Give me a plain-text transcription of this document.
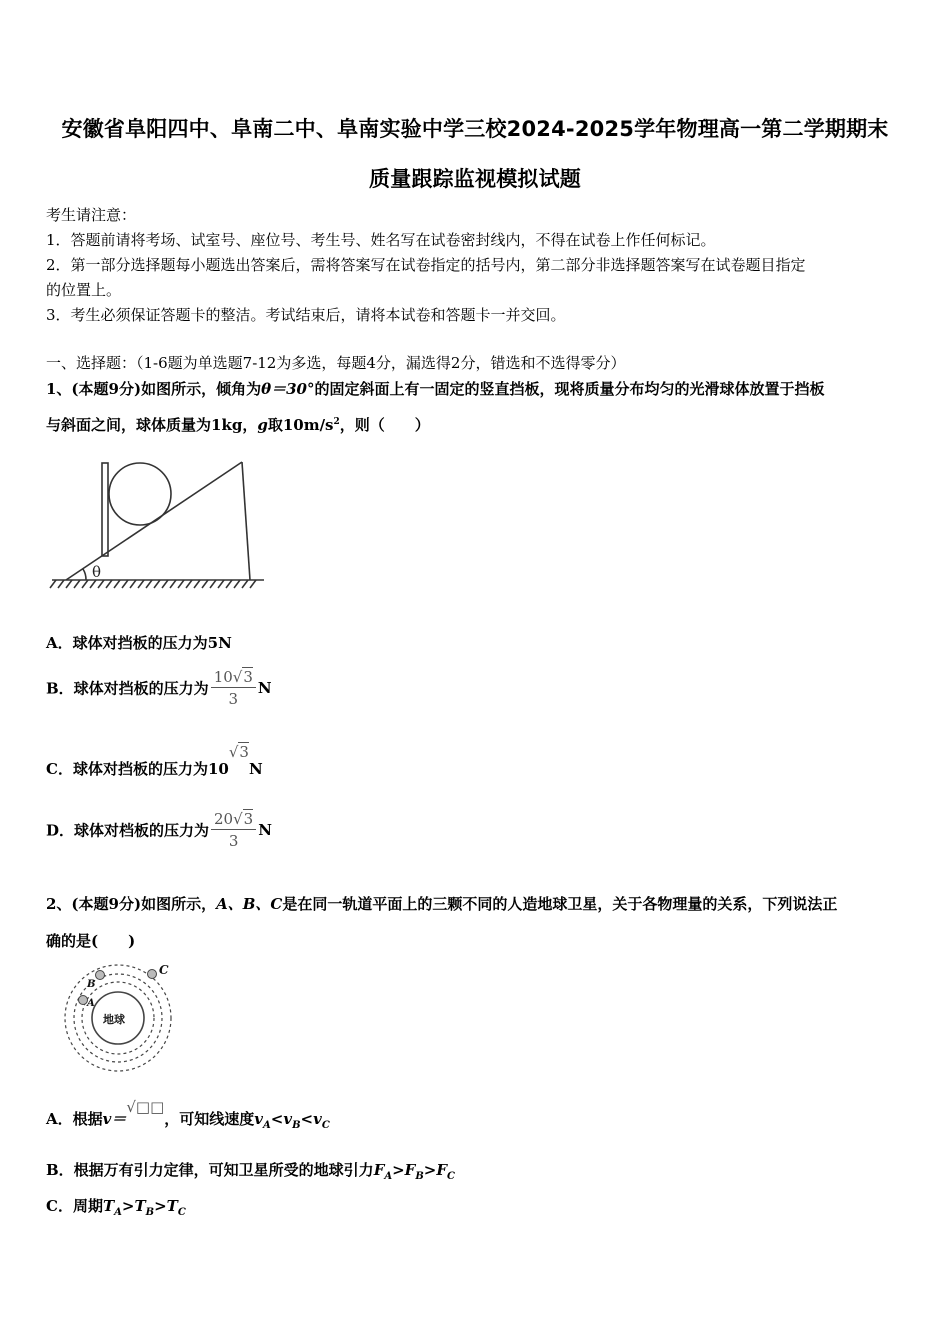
安徽省阜阳四中、阜南二中、阜南实验中学三校2024-2025学年物理高一第二学期期末
质量跟踪监视模拟试题
考生请注意：
1．答题前请将考场、试室号、座位号、考生号、姓名写在试卷密封线内，不得在试卷上作任何标记。
2．第一部分选择题每小题选出答案后，需将答案写在试卷指定的括号内，第二部分非选择题答案写在试卷题目指定
的位置上。
3．考生必须保证答题卡的整洁。考试结束后，请将本试卷和答题卡一并交回。
一、选择题：（1-6题为单选题7-12为多选，每题4分，漏选得2分，错选和不选得零分）
1、(本题9分)如图所示，倾角为θ＝30°的固定斜面上有一固定的竖直挡板，现将质量分布均匀的光滑球体放置于挡板
与斜面之间，球体质量为1kg，g取$10m/s^2$，则（　　）
θ
A．球体对挡板的压力为5N
B．球体对挡板的压力为 $\frac{10√3}{3}$ N
C．球体对挡板的压力为10√3N
D．球体对档板的压力为 $\frac{20√3}{3}$ N
2、(本题9分)如图所示，A、B、C是在同一轨道平面上的三颗不同的人造地球卫星，关于各物理量的关系，下列说法正
确的是(　　)
地球
A
B
C
A．根据v＝√□□，可知线速度$v_A<v_B<v_C$
B．根据万有引力定律，可知卫星所受的地球引力$F_A>F_B>F_C$
C．周期$T_A>T_B>T_C$
